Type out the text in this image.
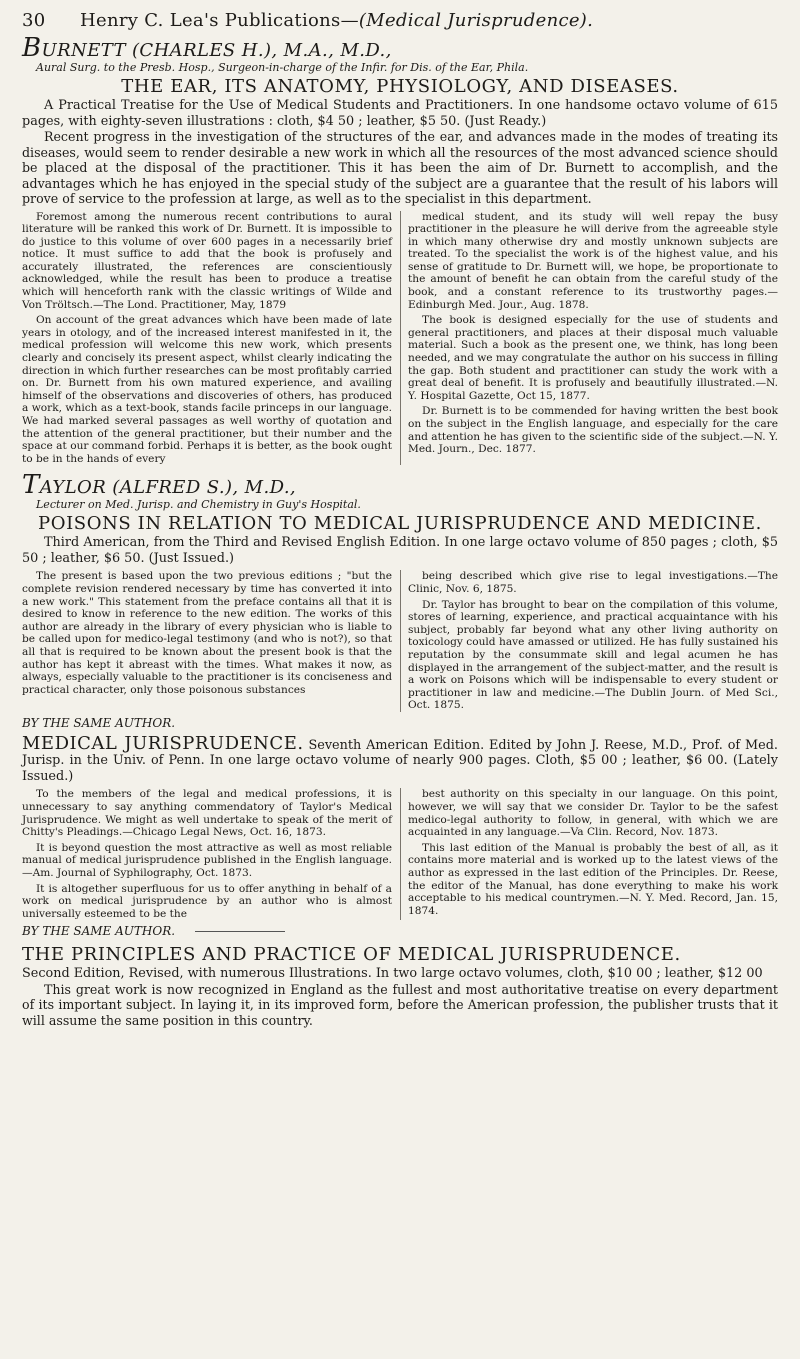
30	Henry C. Lea's Publications—(Medical Jurisprudence).
BURNETT (CHARLES H.), M.A., M.D.,
Aural Surg. to the Presb. Hosp., Surgeon-in-charge of the Infir. for Dis. of the Ear, Phila.
THE EAR, ITS ANATOMY, PHYSIOLOGY, AND DISEASES.

A Practical Treatise for the Use of Medical Students and Practitioners. In one handsome octavo volume of 615 pages, with eighty-seven illustrations : cloth, $4 50 ; leather, $5 50. (Just Ready.)

Recent progress in the investigation of the structures of the ear, and advances made in the modes of treating its diseases, would seem to render desirable a new work in which all the resources of the most advanced science should be placed at the disposal of the practitioner. This it has been the aim of Dr. Burnett to accomplish, and the advantages which he has enjoyed in the special study of the subject are a guarantee that the result of his labors will prove of service to the profession at large, as well as to the specialist in this department.

Foremost among the numerous recent contributions to aural literature will be ranked this work of Dr. Burnett. It is impossible to do justice to this volume of over 600 pages in a necessarily brief notice. It must suffice to add that the book is profusely and accurately illustrated, the references are conscientiously acknowledged, while the result has been to produce a treatise which will henceforth rank with the classic writings of Wilde and Von Tröltsch.—The Lond. Practitioner, May, 1879

On account of the great advances which have been made of late years in otology, and of the increased interest manifested in it, the medical profession will welcome this new work, which presents clearly and concisely its present aspect, whilst clearly indicating the direction in which further researches can be most profitably carried on. Dr. Burnett from his own matured experience, and availing himself of the observations and discoveries of others, has produced a work, which as a text-book, stands facile princeps in our language. We had marked several passages as well worthy of quotation and the attention of the general practitioner, but their number and the space at our command forbid. Perhaps it is better, as the book ought to be in the hands of every

medical student, and its study will well repay the busy practitioner in the pleasure he will derive from the agreeable style in which many otherwise dry and mostly unknown subjects are treated. To the specialist the work is of the highest value, and his sense of gratitude to Dr. Burnett will, we hope, be proportionate to the amount of benefit he can obtain from the careful study of the book, and a constant reference to its trustworthy pages.—Edinburgh Med. Jour., Aug. 1878.

The book is designed especially for the use of students and general practitioners, and places at their disposal much valuable material. Such a book as the present one, we think, has long been needed, and we may congratulate the author on his success in filling the gap. Both student and practitioner can study the work with a great deal of benefit. It is profusely and beautifully illustrated.—N. Y. Hospital Gazette, Oct 15, 1877.

Dr. Burnett is to be commended for having written the best book on the subject in the English language, and especially for the care and attention he has given to the scientific side of the subject.—N. Y. Med. Journ., Dec. 1877.

TAYLOR (ALFRED S.), M.D.,
Lecturer on Med. Jurisp. and Chemistry in Guy's Hospital.
POISONS IN RELATION TO MEDICAL JURISPRUDENCE AND MEDICINE.

Third American, from the Third and Revised English Edition. In one large octavo volume of 850 pages ; cloth, $5 50 ; leather, $6 50. (Just Issued.)

The present is based upon the two previous editions ; "but the complete revision rendered necessary by time has converted it into a new work." This statement from the preface contains all that it is desired to know in reference to the new edition. The works of this author are already in the library of every physician who is liable to be called upon for medico-legal testimony (and who is not?), so that all that is required to be known about the present book is that the author has kept it abreast with the times. What makes it now, as always, especially valuable to the practitioner is its conciseness and practical character, only those poisonous substances

being described which give rise to legal investigations.—The Clinic, Nov. 6, 1875.

Dr. Taylor has brought to bear on the compilation of this volume, stores of learning, experience, and practical acquaintance with his subject, probably far beyond what any other living authority on toxicology could have amassed or utilized. He has fully sustained his reputation by the consummate skill and legal acumen he has displayed in the arrangement of the subject-matter, and the result is a work on Poisons which will be indispensable to every student or practitioner in law and medicine.—The Dublin Journ. of Med Sci., Oct. 1875.

BY THE SAME AUTHOR.

MEDICAL JURISPRUDENCE. Seventh American Edition. Edited by John J. Reese, M.D., Prof. of Med. Jurisp. in the Univ. of Penn. In one large octavo volume of nearly 900 pages. Cloth, $5 00 ; leather, $6 00. (Lately Issued.)

To the members of the legal and medical professions, it is unnecessary to say anything commendatory of Taylor's Medical Jurisprudence. We might as well undertake to speak of the merit of Chitty's Pleadings.—Chicago Legal News, Oct. 16, 1873.

It is beyond question the most attractive as well as most reliable manual of medical jurisprudence published in the English language.—Am. Journal of Syphilography, Oct. 1873.

It is altogether superfluous for us to offer anything in behalf of a work on medical jurisprudence by an author who is almost universally esteemed to be the

best authority on this specialty in our language. On this point, however, we will say that we consider Dr. Taylor to be the safest medico-legal authority to follow, in general, with which we are acquainted in any language.—Va Clin. Record, Nov. 1873.

This last edition of the Manual is probably the best of all, as it contains more material and is worked up to the latest views of the author as expressed in the last edition of the Principles. Dr. Reese, the editor of the Manual, has done everything to make his work acceptable to his medical countrymen.—N. Y. Med. Record, Jan. 15, 1874.

BY THE SAME AUTHOR.
THE PRINCIPLES AND PRACTICE OF MEDICAL JURISPRUDENCE.

Second Edition, Revised, with numerous Illustrations. In two large octavo volumes, cloth, $10 00 ; leather, $12 00

This great work is now recognized in England as the fullest and most authoritative treatise on every department of its important subject. In laying it, in its improved form, before the American profession, the publisher trusts that it will assume the same position in this country.
